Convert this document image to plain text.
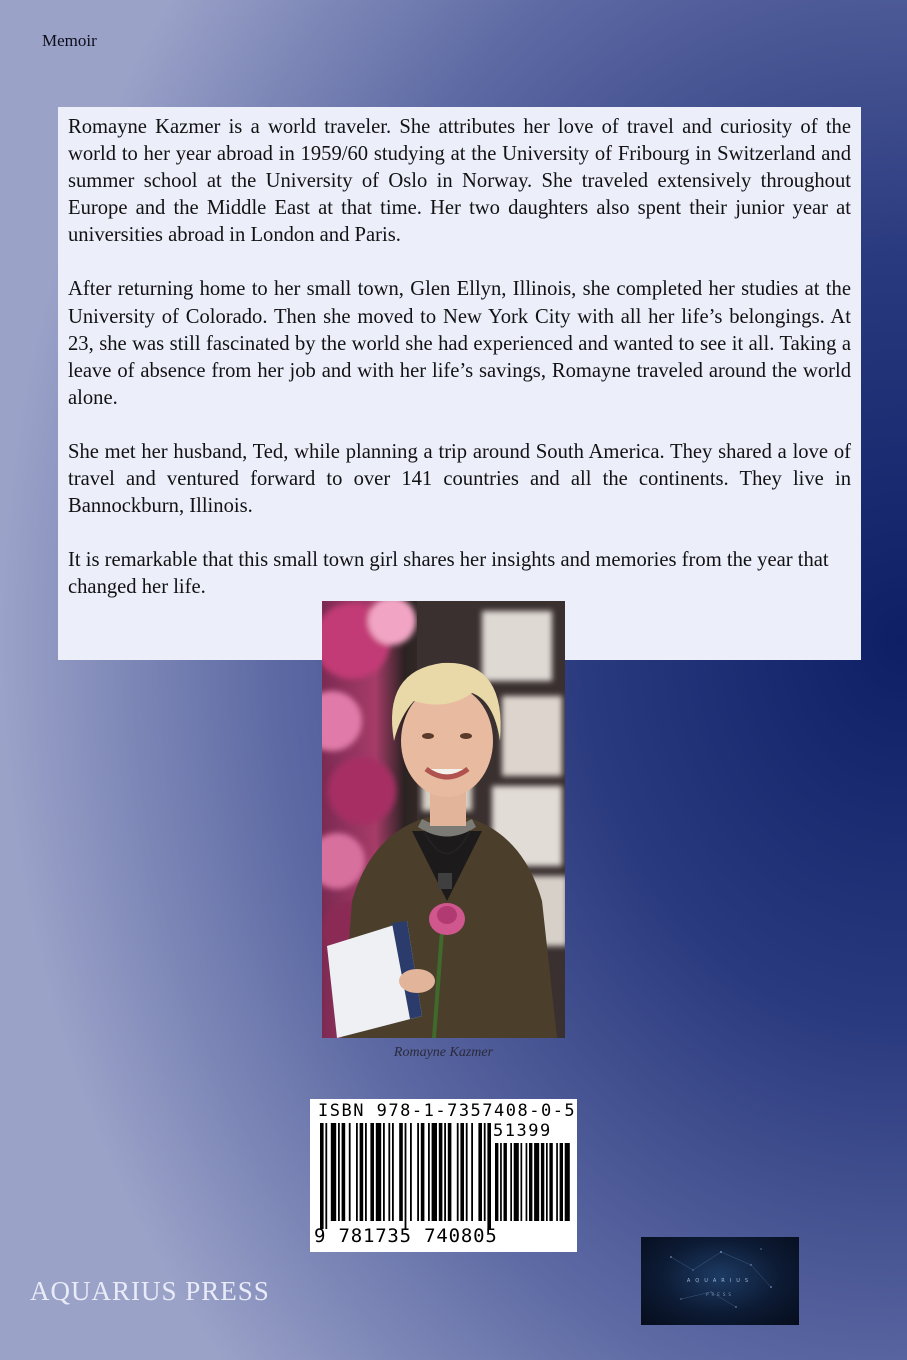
Memoir

Romayne Kazmer is a world traveler. She attributes her love of travel and curiosity of the world to her year abroad in 1959/60 studying at the University of Fribourg in Switzerland and summer school at the University of Oslo in Norway. She traveled extensively throughout Europe and the Middle East at that time. Her two daughters also spent their junior year at universities abroad in London and Paris.

After returning home to her small town, Glen Ellyn, Illinois, she completed her studies at the University of Colorado. Then she moved to New York City with all her life’s belongings. At 23, she was still fascinated by the world she had experienced and wanted to see it all. Taking a leave of absence from her job and with her life’s savings, Romayne traveled around the world alone.

She met her husband, Ted, while planning a trip around South America. They shared a love of travel and ventured forward to over 141 countries and all the continents. They live in Bannockburn, Illinois.

It is remarkable that this small town girl shares her insights and memories from the year that changed her life.

Romayne Kazmer
ISBN 978-1-7357408-0-5
51399
9 781735 740805
AQUARIUS PRESS	AQUARIUS
PRESS
